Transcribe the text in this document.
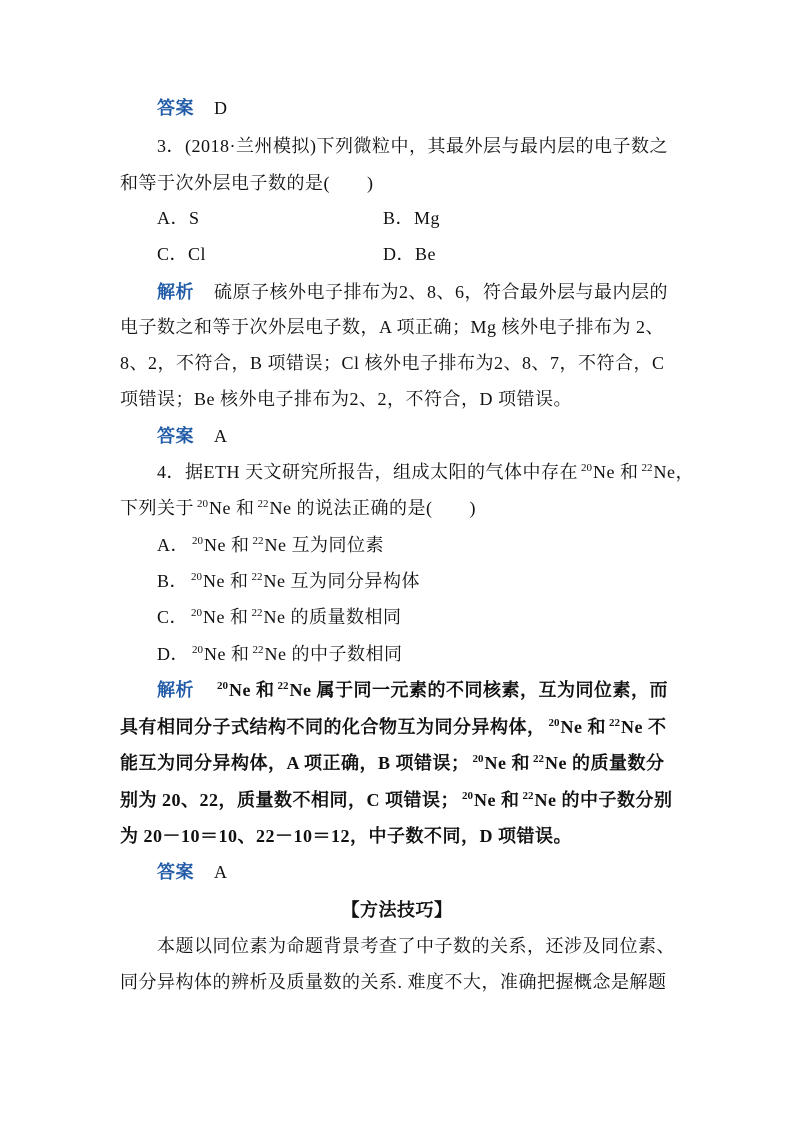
答案 D
3．(2018·兰州模拟)下列微粒中，其最外层与最内层的电子数之
和等于次外层电子数的是(　　)
A．S	B．Mg
C．Cl	D．Be
解析 硫原子核外电子排布为2、8、6，符合最外层与最内层的
电子数之和等于次外层电子数，A 项正确；Mg 核外电子排布为 2、
8、2，不符合，B 项错误；Cl 核外电子排布为2、8、7，不符合，C
项错误；Be 核外电子排布为2、2，不符合，D 项错误。
答案 A
4．据ETH 天文研究所报告，组成太阳的气体中存在 $^{20}$Ne 和 $^{22}$Ne，
下列关于 $^{20}$Ne 和 $^{22}$Ne 的说法正确的是(　　)
A． $^{20}$Ne 和 $^{22}$Ne 互为同位素
B． $^{20}$Ne 和 $^{22}$Ne 互为同分异构体
C． $^{20}$Ne 和 $^{22}$Ne 的质量数相同
D． $^{20}$Ne 和 $^{22}$Ne 的中子数相同
解析 $^{20}$Ne 和 $^{22}$Ne 属于同一元素的不同核素，互为同位素，而
具有相同分子式结构不同的化合物互为同分异构体， $^{20}$Ne 和 $^{22}$Ne 不
能互为同分异构体，A 项正确，B 项错误； $^{20}$Ne 和 $^{22}$Ne 的质量数分
别为 20、22，质量数不相同，C 项错误； $^{20}$Ne 和 $^{22}$Ne 的中子数分别
为 20－10＝10、22－10＝12，中子数不同，D 项错误。
答案 A
【方法技巧】
本题以同位素为命题背景考查了中子数的关系，还涉及同位素、
同分异构体的辨析及质量数的关系. 难度不大，准确把握概念是解题
